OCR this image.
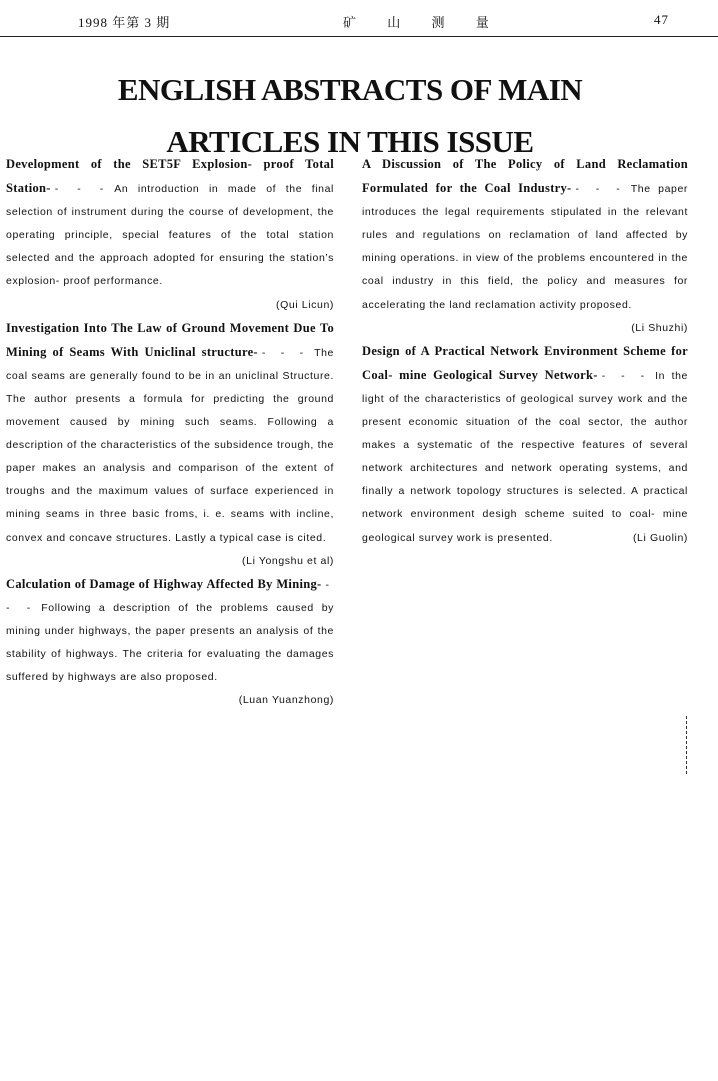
1998 年第 3 期	矿 山 测 量	47
ENGLISH ABSTRACTS OF MAIN
ARTICLES IN THIS ISSUE

Development of the SET5F Explosion- proof Total Station- - - - An introduction in made of the final selection of instrument during the course of development, the operating principle, special features of the total station selected and the approach adopted for ensuring the station’s explosion- proof performance.
(Qui Licun)

Investigation Into The Law of Ground Movement Due To Mining of Seams With Uniclinal structure- - - - The coal seams are generally found to be in an uniclinal Structure. The author presents a formula for predicting the ground movement caused by mining such seams. Following a description of the characteristics of the subsidence trough, the paper makes an analysis and comparison of the extent of troughs and the maximum values of surface experienced in mining seams in three basic froms, i. e. seams with incline, convex and concave structures. Lastly a typical case is cited.
(Li Yongshu et al)

Calculation of Damage of Highway Affected By Mining- - - - Following a description of the problems caused by mining under highways, the paper presents an analysis of the stability of highways. The criteria for evaluating the damages suffered by highways are also proposed.
(Luan Yuanzhong)

A Discussion of The Policy of Land Reclamation Formulated for the Coal Industry- - - - The paper introduces the legal requirements stipulated in the relevant rules and regulations on reclamation of land affected by mining operations. in view of the problems encountered in the coal industry in this field, the policy and measures for accelerating the land reclamation activity proposed.
(Li Shuzhi)

Design of A Practical Network Environment Scheme for Coal- mine Geological Survey Network- - - - In the light of the characteristics of geological survey work and the present economic situation of the coal sector, the author makes a systematic of the respective features of several network architectures and network operating systems, and finally a network topology structures is selected. A practical network environment desigh scheme suited to coal- mine geological survey work is presented.	(Li Guolin)
